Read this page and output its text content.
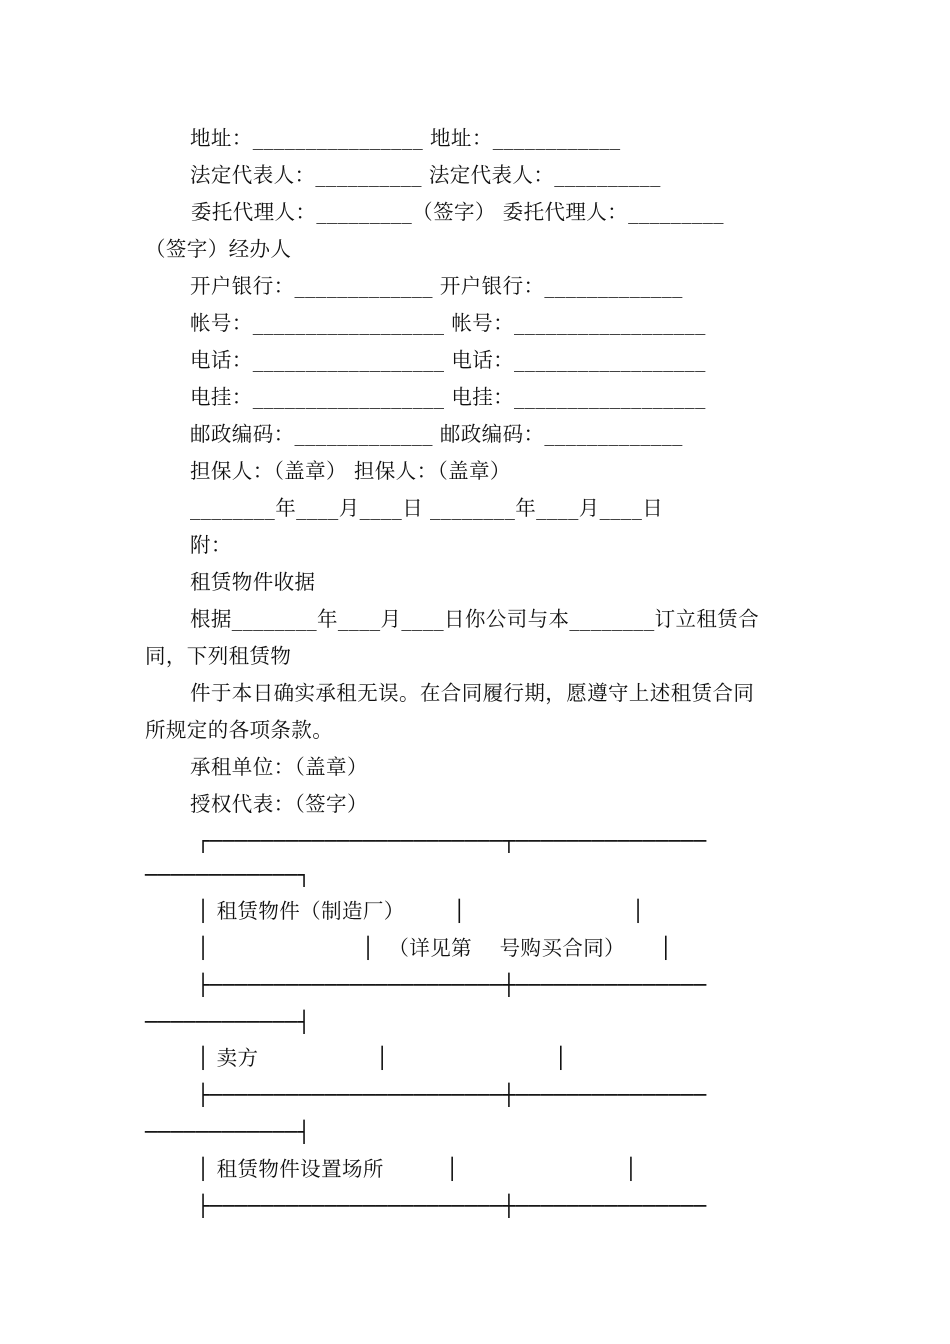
地址：________________ 地址：____________
法定代表人：__________ 法定代表人：__________
委托代理人：_________（签字） 委托代理人：_________
（签字）经办人
开户银行：_____________ 开户银行：_____________
帐号：__________________ 帐号：__________________
电话：__________________ 电话：__________________
电挂：__________________ 电挂：__________________
邮政编码：_____________ 邮政编码：_____________
担保人：（盖章） 担保人：（盖章）
________年____月____日 ________年____月____日
附：
租赁物件收据
根据________年____月____日你公司与本________订立租赁合
同，下列租赁物
件于本日确实承租无误。在合同履行期，愿遵守上述租赁合同
所规定的各项条款。
承租单位：（盖章）
授权代表：（签字）
┌───────────────────────┬───────────────
────────────┐
│ 租赁物件（制造厂）       │                        │
│                      │  （详见第    号购买合同）     │
├───────────────────────┼───────────────
────────────┤
│ 卖方                 │                        │
├───────────────────────┼───────────────
────────────┤
│ 租赁物件设置场所         │                        │
├───────────────────────┼───────────────
